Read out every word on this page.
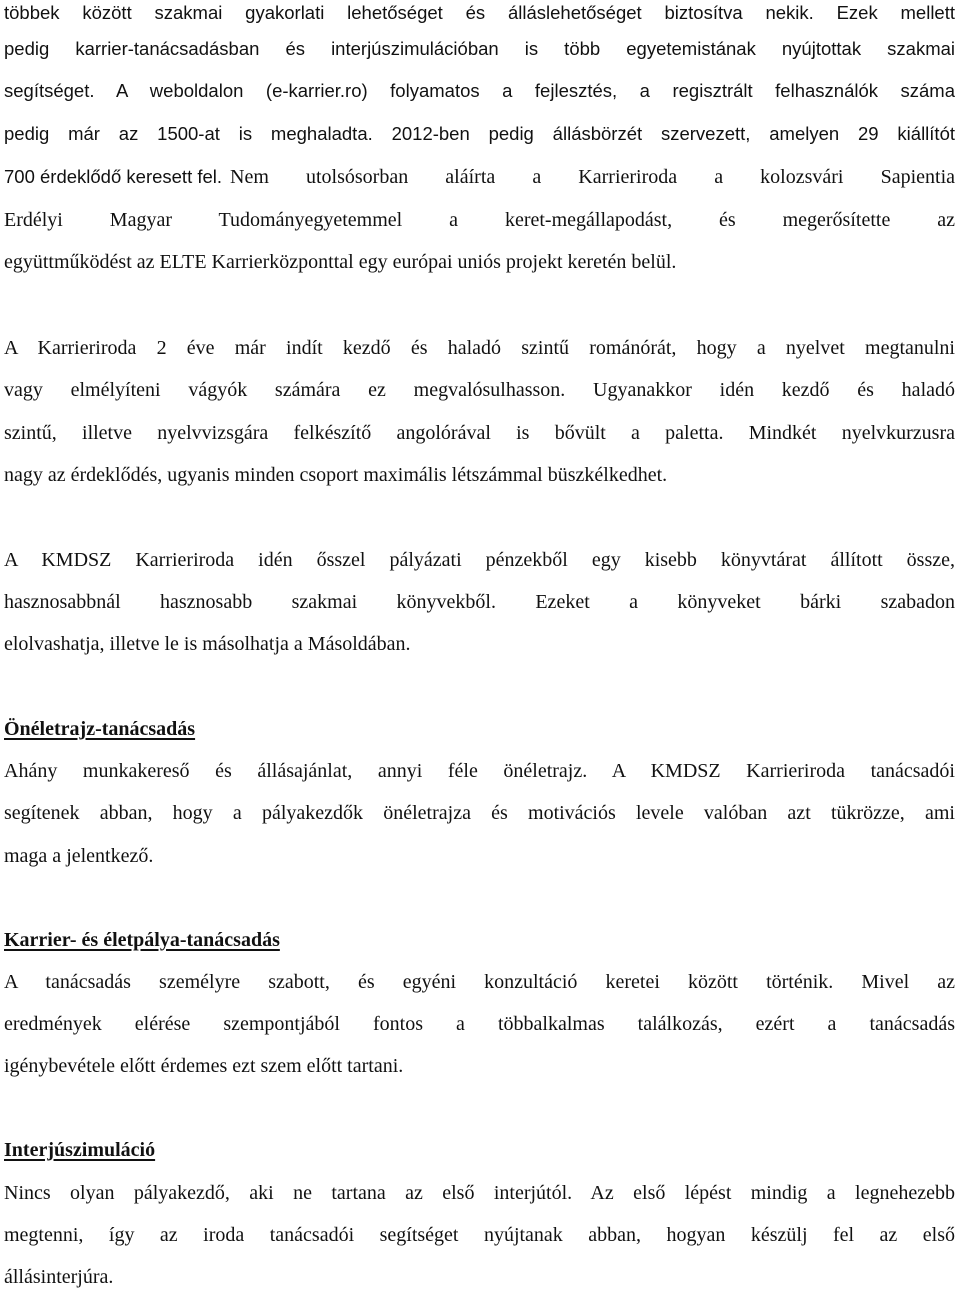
többek között szakmai gyakorlati lehetőséget és álláslehetőséget biztosítva nekik. Ezek mellett
pedig karrier-tanácsadásban és interjúszimulációban is több egyetemistának nyújtottak szakmai
segítséget. A weboldalon (e-karrier.ro) folyamatos a fejlesztés, a regisztrált felhasználók száma
pedig már az 1500-at is meghaladta. 2012-ben pedig állásbörzét szervezett, amelyen 29 kiállítót
700 érdeklődő keresett fel. Nem utolsósorban aláírta a Karrieriroda a kolozsvári Sapientia
Erdélyi Magyar Tudományegyetemmel a keret-megállapodást, és megerősítette az
együttműködést az ELTE Karrierközponttal egy európai uniós projekt keretén belül.
A Karrieriroda 2 éve már indít kezdő és haladó szintű románórát, hogy a nyelvet megtanulni
vagy elmélyíteni vágyók számára ez megvalósulhasson. Ugyanakkor idén kezdő és haladó
szintű, illetve nyelvvizsgára felkészítő angolórával is bővült a paletta. Mindkét nyelvkurzusra
nagy az érdeklődés, ugyanis minden csoport maximális létszámmal büszkélkedhet.
A KMDSZ Karrieriroda idén ősszel pályázati pénzekből egy kisebb könyvtárat állított össze,
hasznosabbnál hasznosabb szakmai könyvekből. Ezeket a könyveket bárki szabadon
elolvashatja, illetve le is másolhatja a Másoldában.
Önéletrajz-tanácsadás
Ahány munkakereső és állásajánlat, annyi féle önéletrajz. A KMDSZ Karrieriroda tanácsadói
segítenek abban, hogy a pályakezdők önéletrajza és motivációs levele valóban azt tükrözze, ami
maga a jelentkező.
Karrier- és életpálya-tanácsadás
A tanácsadás személyre szabott, és egyéni konzultáció keretei között történik. Mivel az
eredmények elérése szempontjából fontos a többalkalmas találkozás, ezért a tanácsadás
igénybevétele előtt érdemes ezt szem előtt tartani.
Interjúszimuláció
Nincs olyan pályakezdő, aki ne tartana az első interjútól. Az első lépést mindig a legnehezebb
megtenni, így az iroda tanácsadói segítséget nyújtanak abban, hogyan készülj fel az első
állásinterjúra.
